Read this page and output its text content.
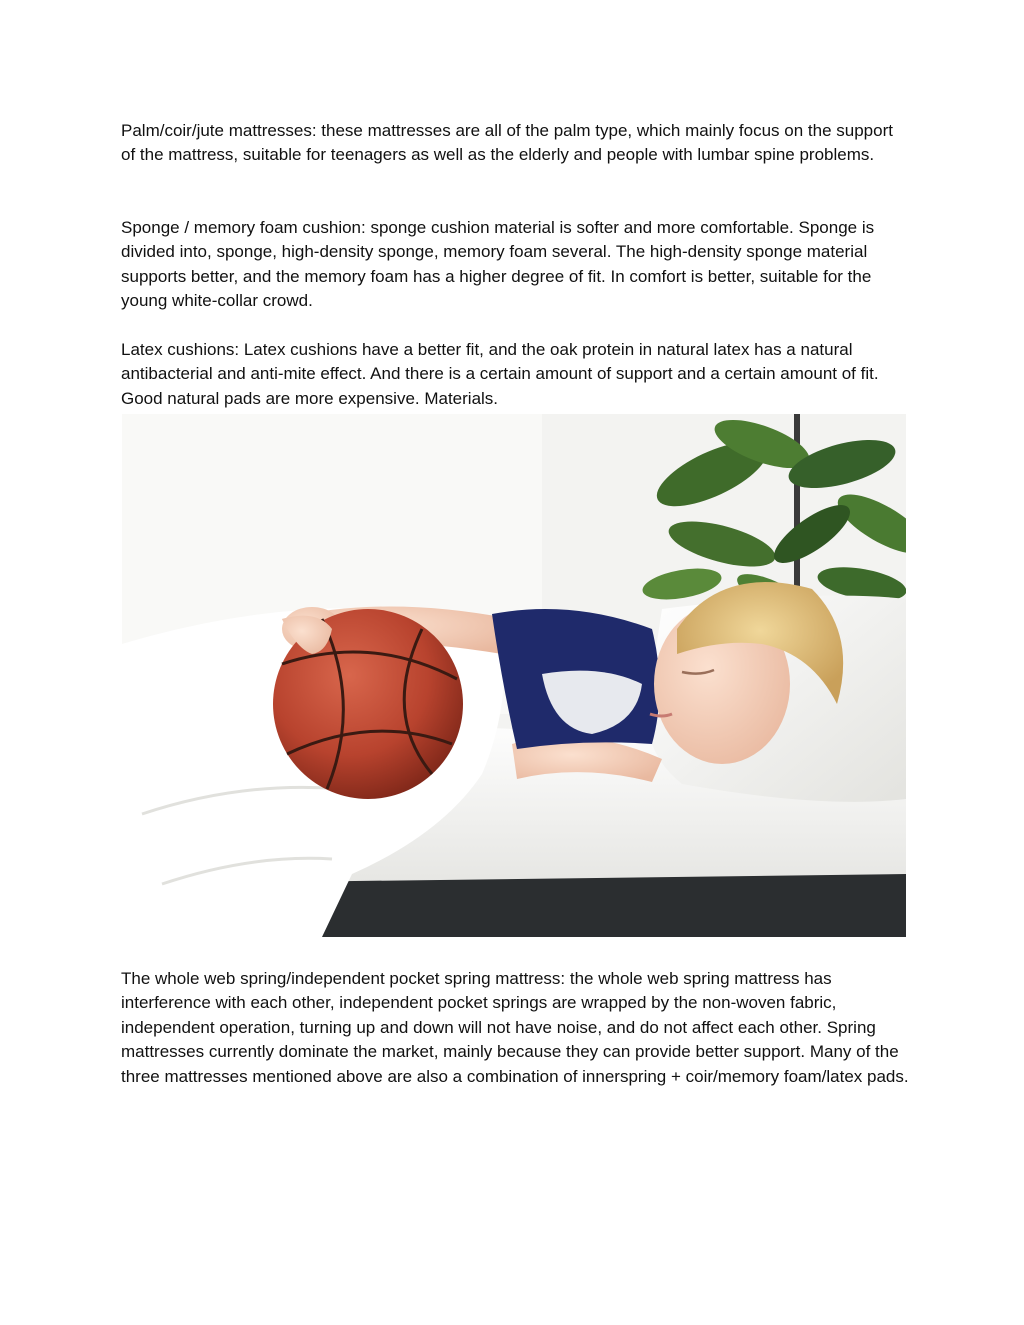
Palm/coir/jute mattresses: these mattresses are all of the palm type, which mainly focus on the support of the mattress, suitable for teenagers as well as the elderly and people with lumbar spine problems.

Sponge / memory foam cushion: sponge cushion material is softer and more comfortable. Sponge is divided into, sponge, high-density sponge, memory foam several. The high-density sponge material supports better, and the memory foam has a higher degree of fit. In comfort is better, suitable for the young white-collar crowd.

Latex cushions: Latex cushions have a better fit, and the oak protein in natural latex has a natural antibacterial and anti-mite effect. And there is a certain amount of support and a certain amount of fit. Good natural pads are more expensive. Materials.

The whole web spring/independent pocket spring mattress: the whole web spring mattress has interference with each other, independent pocket springs are wrapped by the non-woven fabric, independent operation, turning up and down will not have noise, and do not affect each other. Spring mattresses currently dominate the market, mainly because they can provide better support. Many of the three mattresses mentioned above are also a combination of innerspring + coir/memory foam/latex pads.
